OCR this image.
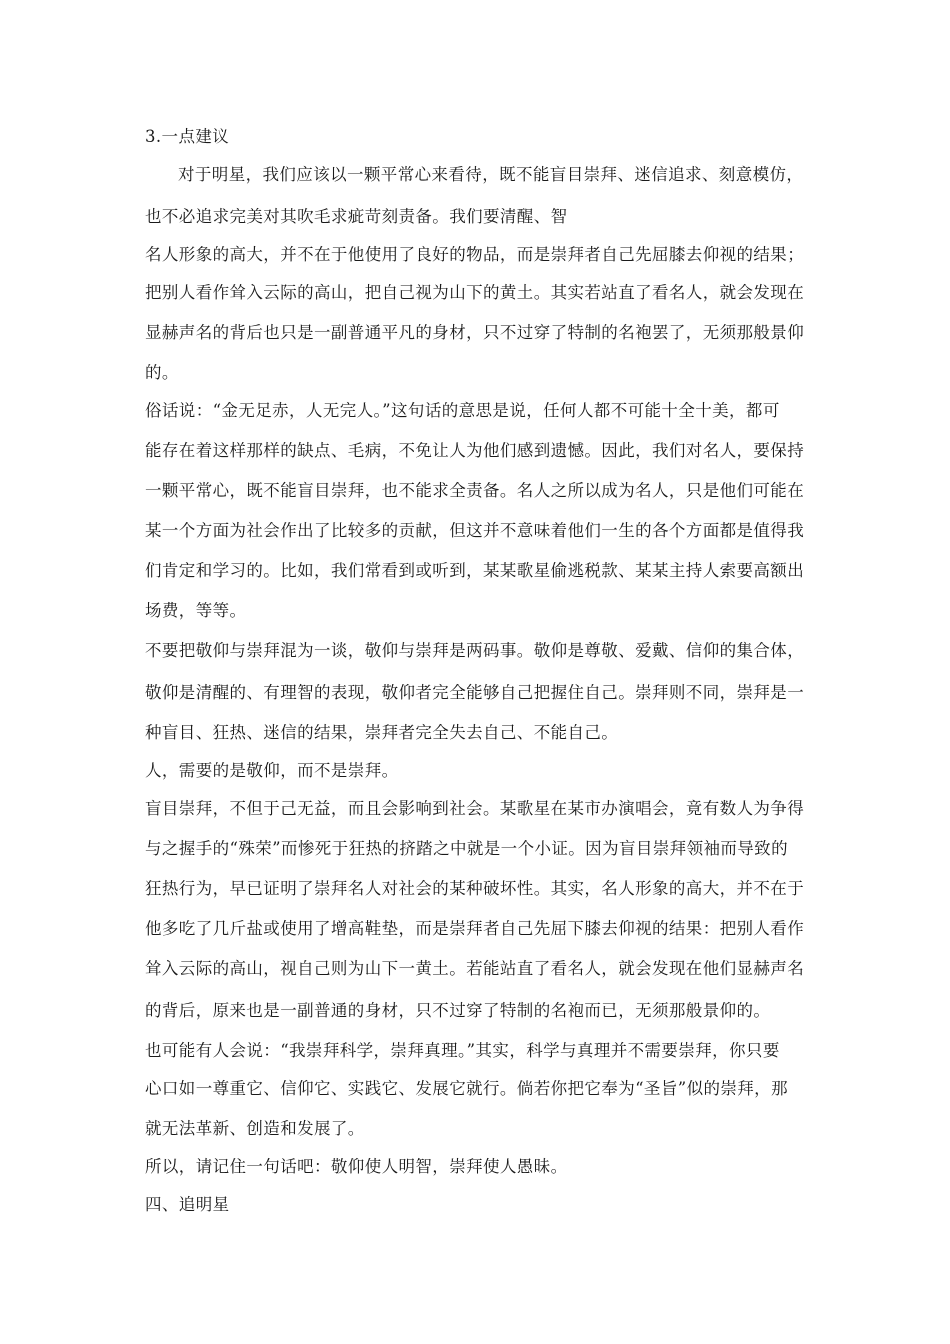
3.一点建议
对于明星，我们应该以一颗平常心来看待，既不能盲目崇拜、迷信追求、刻意模仿，
也不必追求完美对其吹毛求疵苛刻责备。我们要清醒、智
名人形象的高大，并不在于他使用了良好的物品，而是崇拜者自己先屈膝去仰视的结果；
把别人看作耸入云际的高山，把自己视为山下的黄土。其实若站直了看名人，就会发现在
显赫声名的背后也只是一副普通平凡的身材，只不过穿了特制的名袍罢了，无须那般景仰
的。
俗话说：“金无足赤，人无完人。”这句话的意思是说，任何人都不可能十全十美，都可
能存在着这样那样的缺点、毛病，不免让人为他们感到遗憾。因此，我们对名人，要保持
一颗平常心，既不能盲目崇拜，也不能求全责备。名人之所以成为名人，只是他们可能在
某一个方面为社会作出了比较多的贡献，但这并不意味着他们一生的各个方面都是值得我
们肯定和学习的。比如，我们常看到或听到，某某歌星偷逃税款、某某主持人索要高额出
场费，等等。
不要把敬仰与崇拜混为一谈，敬仰与崇拜是两码事。敬仰是尊敬、爱戴、信仰的集合体，
敬仰是清醒的、有理智的表现，敬仰者完全能够自己把握住自己。崇拜则不同，崇拜是一
种盲目、狂热、迷信的结果，崇拜者完全失去自己、不能自己。
人，需要的是敬仰，而不是崇拜。
盲目崇拜，不但于己无益，而且会影响到社会。某歌星在某市办演唱会，竟有数人为争得
与之握手的“殊荣”而惨死于狂热的挤踏之中就是一个小证。因为盲目崇拜领袖而导致的
狂热行为，早已证明了崇拜名人对社会的某种破坏性。其实，名人形象的高大，并不在于
他多吃了几斤盐或使用了增高鞋垫，而是崇拜者自己先屈下膝去仰视的结果：把别人看作
耸入云际的高山，视自己则为山下一黄土。若能站直了看名人，就会发现在他们显赫声名
的背后，原来也是一副普通的身材，只不过穿了特制的名袍而已，无须那般景仰的。
也可能有人会说：“我崇拜科学，崇拜真理。”其实，科学与真理并不需要崇拜，你只要
心口如一尊重它、信仰它、实践它、发展它就行。倘若你把它奉为“圣旨”似的崇拜，那
就无法革新、创造和发展了。
所以，请记住一句话吧：敬仰使人明智，崇拜使人愚昧。
四、追明星
